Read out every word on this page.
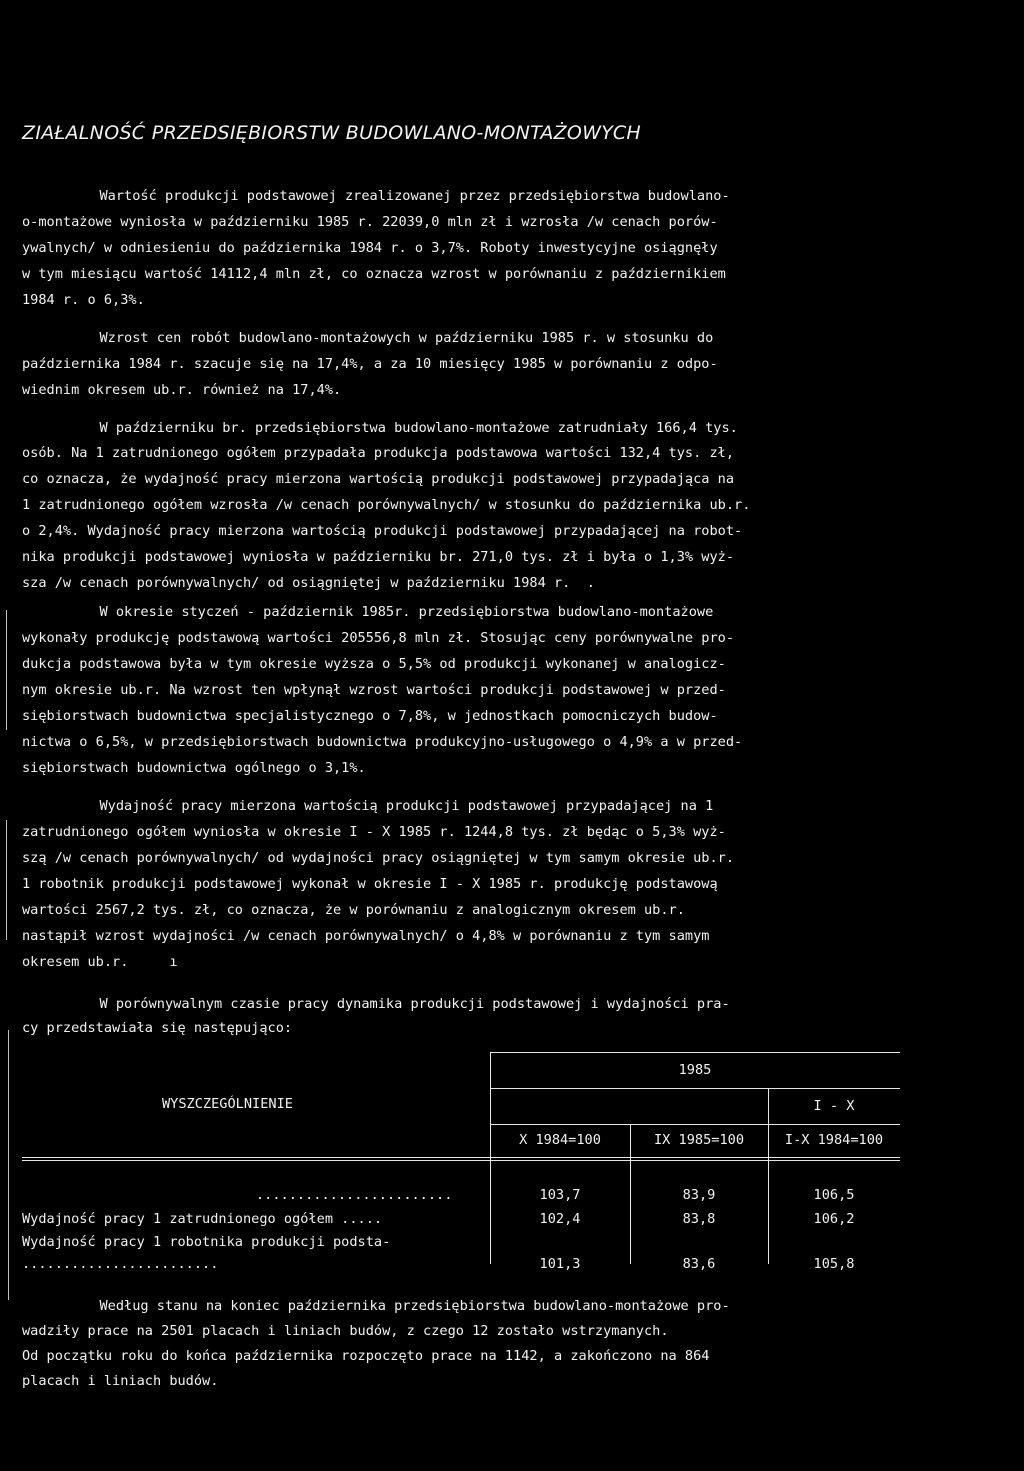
ZIAŁALNOŚĆ PRZEDSIĘBIORSTW BUDOWLANO-MONTAŻOWYCH
Wartość produkcji podstawowej zrealizowanej przez przedsiębiorstwa budowlano-
o-montażowe wyniosła w październiku 1985 r. 22039,0 mln zł i wzrosła /w cenach porów-
ywalnych/ w odniesieniu do października 1984 r. o 3,7%. Roboty inwestycyjne osiągnęły
w tym miesiącu wartość 14112,4 mln zł, co oznacza wzrost w porównaniu z październikiem
1984 r. o 6,3%.
Wzrost cen robót budowlano-montażowych w październiku 1985 r. w stosunku do
października 1984 r. szacuje się na 17,4%, a za 10 miesięcy 1985 w porównaniu z odpo-
wiednim okresem ub.r. również na 17,4%.
W październiku br. przedsiębiorstwa budowlano-montażowe zatrudniały 166,4 tys.
osób. Na 1 zatrudnionego ogółem przypadała produkcja podstawowa wartości 132,4 tys. zł,
co oznacza, że wydajność pracy mierzona wartością produkcji podstawowej przypadająca na
1 zatrudnionego ogółem wzrosła /w cenach porównywalnych/ w stosunku do października ub.r.
o 2,4%. Wydajność pracy mierzona wartością produkcji podstawowej przypadającej na robot-
nika produkcji podstawowej wyniosła w październiku br. 271,0 tys. zł i była o 1,3% wyż-
sza /w cenach porównywalnych/ od osiągniętej w październiku 1984 r.  .
W okresie styczeń - październik 1985r. przedsiębiorstwa budowlano-montażowe
wykonały produkcję podstawową wartości 205556,8 mln zł. Stosując ceny porównywalne pro-
dukcja podstawowa była w tym okresie wyższa o 5,5% od produkcji wykonanej w analogicz-
nym okresie ub.r. Na wzrost ten wpłynął wzrost wartości produkcji podstawowej w przed-
siębiorstwach budownictwa specjalistycznego o 7,8%, w jednostkach pomocniczych budow-
nictwa o 6,5%, w przedsiębiorstwach budownictwa produkcyjno-usługowego o 4,9% a w przed-
siębiorstwach budownictwa ogólnego o 3,1%.
Wydajność pracy mierzona wartością produkcji podstawowej przypadającej na 1
zatrudnionego ogółem wyniosła w okresie I - X 1985 r. 1244,8 tys. zł będąc o 5,3% wyż-
szą /w cenach porównywalnych/ od wydajności pracy osiągniętej w tym samym okresie ub.r.
1 robotnik produkcji podstawowej wykonał w okresie I - X 1985 r. produkcję podstawową
wartości 2567,2 tys. zł, co oznacza, że w porównaniu z analogicznym okresem ub.r.
nastąpił wzrost wydajności /w cenach porównywalnych/ o 4,8% w porównaniu z tym samym
okresem ub.r.     ı
W porównywalnym czasie pracy dynamika produkcji podstawowej i wydajności pra-
cy przedstawiała się następująco:
WYSZCZEGÓLNIENIE
1985
I - X
X 1984=100	IX 1985=100	I-X 1984=100
........................	103,7	83,9	106,5
Wydajność pracy 1 zatrudnionego ogółem .....	102,4	83,8	106,2
Wydajność pracy 1 robotnika produkcji podsta-
........................	101,3	83,6	105,8
Według stanu na koniec października przedsiębiorstwa budowlano-montażowe pro-
wadziły prace na 2501 placach i liniach budów, z czego 12 zostało wstrzymanych.
Od początku roku do końca października rozpoczęto prace na 1142, a zakończono na 864
placach i liniach budów.
